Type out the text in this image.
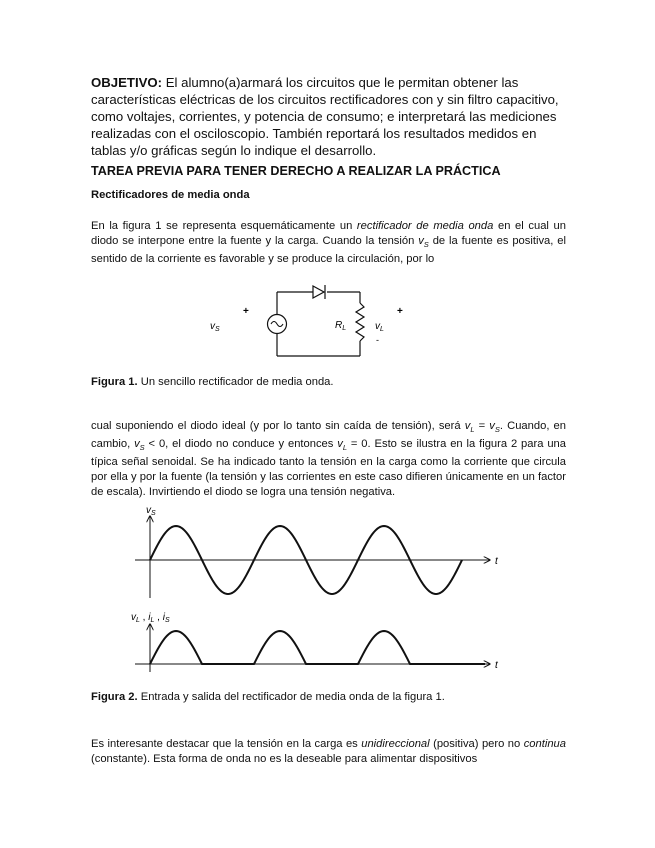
OBJETIVO: El alumno(a)armará los circuitos que le permitan obtener las características eléctricas de los circuitos rectificadores con y sin filtro capacitivo, como voltajes, corrientes, y potencia de consumo; e interpretará las mediciones realizadas con el osciloscopio. También reportará los resultados medidos en tablas y/o gráficas según lo indique el desarrollo.
TAREA PREVIA PARA TENER DERECHO A REALIZAR LA PRÁCTICA
Rectificadores de media onda
En la figura 1 se representa esquemáticamente un rectificador de media onda en el cual un diodo se interpone entre la fuente y la carga. Cuando la tensión $v_S$ de la fuente es positiva, el sentido de la corriente es favorable y se produce la circulación, por lo
+	+
-
$v_S$	$R_L$	$v_L$
Figura 1. Un sencillo rectificador de media onda.
cual suponiendo el diodo ideal (y por lo tanto sin caída de tensión), será $v_L = v_S$. Cuando, en cambio, $v_S < 0$, el diodo no conduce y entonces $v_L = 0$. Esto se ilustra en la figura 2 para una típica señal senoidal. Se ha indicado tanto la tensión en la carga como la corriente que circula por ella y por la fuente (la tensión y las corrientes en este caso difieren únicamente en un factor de escala). Invirtiendo el diodo se logra una tensión negativa.
$v_S$
t
$v_L$ , $i_L$ , $i_S$
t
Figura 2. Entrada y salida del rectificador de media onda de la figura 1.
Es interesante destacar que la tensión en la carga es unidireccional (positiva) pero no continua (constante). Esta forma de onda no es la deseable para alimentar dispositivos
